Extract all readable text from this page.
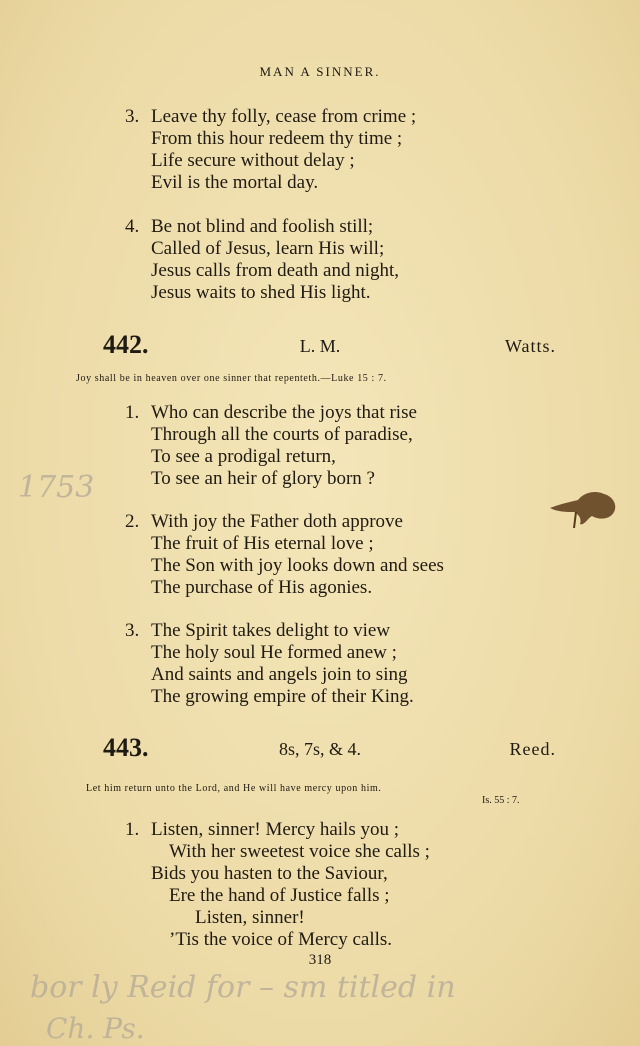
MAN A SINNER.
3. Leave thy folly, cease from crime ;
From this hour redeem thy time ;
Life secure without delay ;
Evil is the mortal day.
4. Be not blind and foolish still;
Called of Jesus, learn His will;
Jesus calls from death and night,
Jesus waits to shed His light.
442.	L. M.	Watts.
Joy shall be in heaven over one sinner that repenteth.—Luke 15 : 7.
1. Who can describe the joys that rise
Through all the courts of paradise,
To see a prodigal return,
To see an heir of glory born ?
2. With joy the Father doth approve
The fruit of His eternal love ;
The Son with joy looks down and sees
The purchase of His agonies.
3. The Spirit takes delight to view
The holy soul He formed anew ;
And saints and angels join to sing
The growing empire of their King.
443.	8s, 7s, & 4.	Reed.
Let him return unto the Lord, and He will have mercy upon him.
Is. 55 : 7.
1. Listen, sinner! Mercy hails you ;
With her sweetest voice she calls ;
Bids you hasten to the Saviour,
Ere the hand of Justice falls ;
Listen, sinner!
’Tis the voice of Mercy calls.
318
1753
bor ly Reid for – sm titled in
Ch. Ps.
